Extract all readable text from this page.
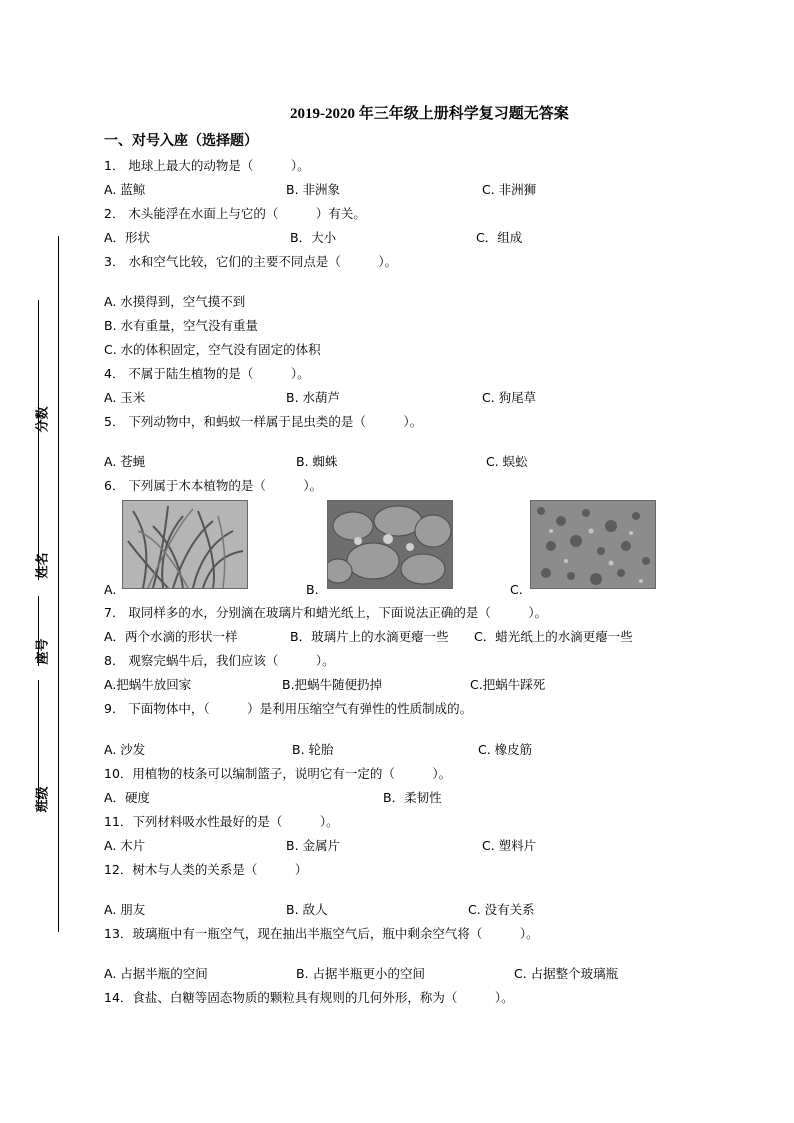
分数
姓名
座号
班级
2019-2020 年三年级上册科学复习题无答案
一、对号入座（选择题）
1． 地球上最大的动物是（　　　）。
A. 蓝鲸	B. 非洲象	C. 非洲狮
2． 木头能浮在水面上与它的（　　　）有关。
A．形状	B．大小	C．组成
3． 水和空气比较，它们的主要不同点是（　　　）。
A. 水摸得到，空气摸不到
B. 水有重量，空气没有重量
C. 水的体积固定，空气没有固定的体积
4． 不属于陆生植物的是（　　　）。
A. 玉米	B. 水葫芦	C. 狗尾草
5． 下列动物中，和蚂蚁一样属于昆虫类的是（　　　）。
A. 苍蝇	B. 蜘蛛	C. 蜈蚣
6． 下列属于木本植物的是（　　　）。
A.	B.	C.
7． 取同样多的水，分别滴在玻璃片和蜡光纸上，下面说法正确的是（　　　）。
A．两个水滴的形状一样	B．玻璃片上的水滴更瘪一些 C．蜡光纸上的水滴更瘪一些
8． 观察完蜗牛后，我们应该（　　　）。
A.把蜗牛放回家	B.把蜗牛随便扔掉	C.把蜗牛踩死
9． 下面物体中，（　　　）是利用压缩空气有弹性的性质制成的。
A. 沙发	B. 轮胎	C. 橡皮筋
10．用植物的枝条可以编制篮子，说明它有一定的（　　　）。
A．硬度	B．柔韧性
11．下列材料吸水性最好的是（　　　）。
A. 木片	B. 金属片	C. 塑料片
12．树木与人类的关系是（　　　）
A. 朋友	B. 敌人	C. 没有关系
13．玻璃瓶中有一瓶空气，现在抽出半瓶空气后，瓶中剩余空气将（　　　）。
A. 占据半瓶的空间	B. 占据半瓶更小的空间	C. 占据整个玻璃瓶
14．食盐、白糖等固态物质的颗粒具有规则的几何外形，称为（　　　）。
